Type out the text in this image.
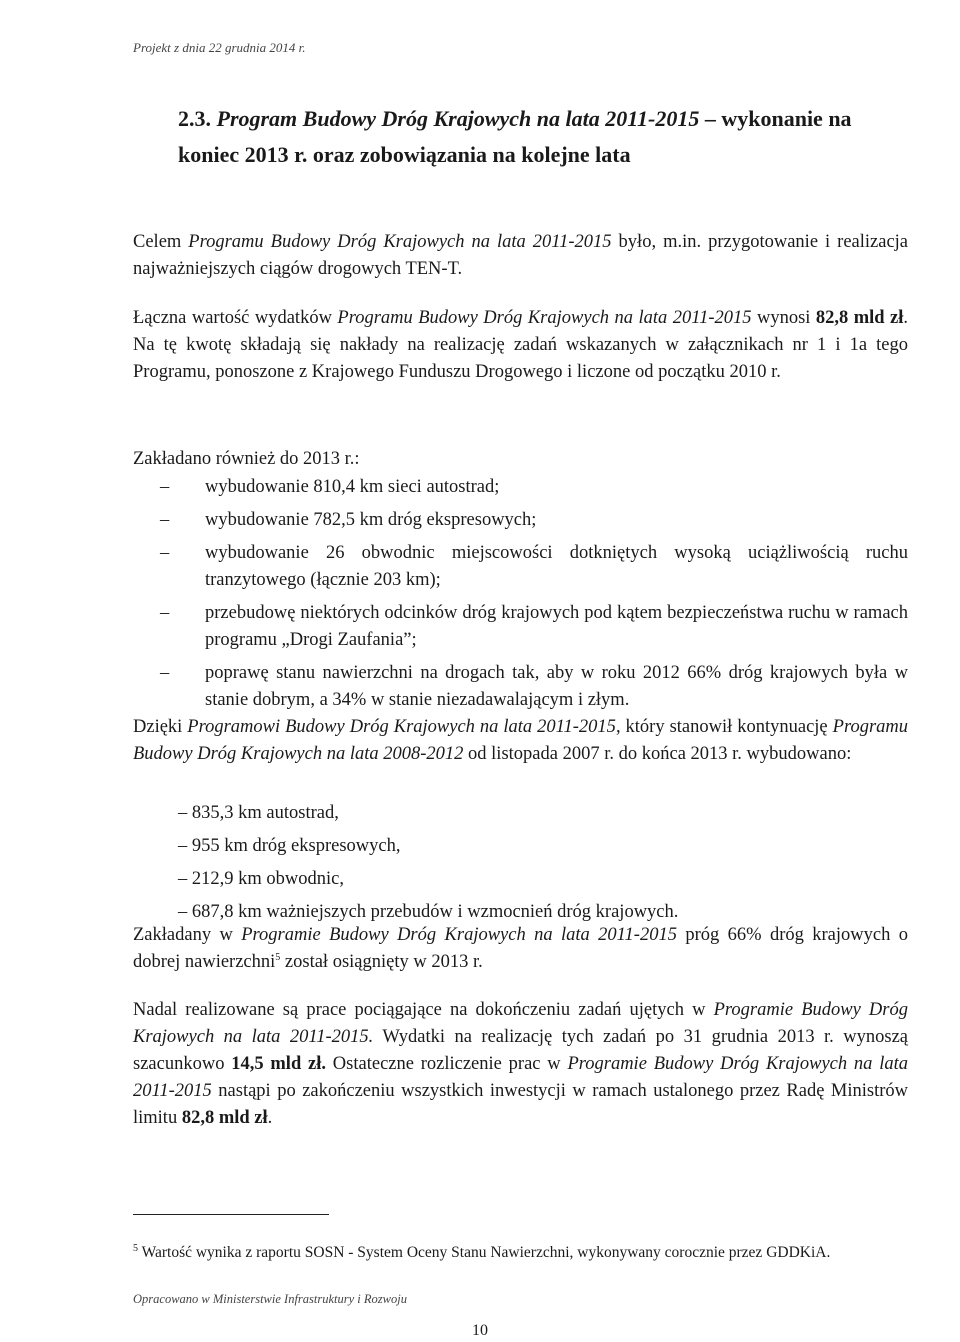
Projekt z dnia 22 grudnia 2014 r.
2.3. Program Budowy Dróg Krajowych na lata 2011-2015 – wykonanie na koniec 2013 r. oraz zobowiązania na kolejne lata
Celem Programu Budowy Dróg Krajowych na lata 2011-2015 było, m.in. przygotowanie i realizacja najważniejszych ciągów drogowych TEN-T.
Łączna wartość wydatków Programu Budowy Dróg Krajowych na lata 2011-2015 wynosi 82,8 mld zł. Na tę kwotę składają się nakłady na realizację zadań wskazanych w załącznikach nr 1 i 1a tego Programu, ponoszone z Krajowego Funduszu Drogowego i liczone od początku 2010 r.
Zakładano również do 2013 r.:
– wybudowanie 810,4 km sieci autostrad;
– wybudowanie 782,5 km dróg ekspresowych;
– wybudowanie 26 obwodnic miejscowości dotkniętych wysoką uciążliwością ruchu tranzytowego (łącznie 203 km);
– przebudowę niektórych odcinków dróg krajowych pod kątem bezpieczeństwa ruchu w ramach programu „Drogi Zaufania”;
– poprawę stanu nawierzchni na drogach tak, aby w roku 2012 66% dróg krajowych była w stanie dobrym, a 34% w stanie niezadawalającym i złym.
Dzięki Programowi Budowy Dróg Krajowych na lata 2011-2015, który stanowił kontynuację Programu Budowy Dróg Krajowych na lata 2008-2012 od listopada 2007 r. do końca 2013 r. wybudowano:
– 835,3 km autostrad,
– 955 km dróg ekspresowych,
– 212,9 km obwodnic,
– 687,8 km ważniejszych przebudów i wzmocnień dróg krajowych.
Zakładany w Programie Budowy Dróg Krajowych na lata 2011-2015 próg 66% dróg krajowych o dobrej nawierzchni$^5$ został osiągnięty w 2013 r.
Nadal realizowane są prace pociągające na dokończeniu zadań ujętych w Programie Budowy Dróg Krajowych na lata 2011-2015. Wydatki na realizację tych zadań po 31 grudnia 2013 r. wynoszą szacunkowo 14,5 mld zł. Ostateczne rozliczenie prac w Programie Budowy Dróg Krajowych na lata 2011-2015 nastąpi po zakończeniu wszystkich inwestycji w ramach ustalonego przez Radę Ministrów limitu 82,8 mld zł.
$^5$ Wartość wynika z raportu SOSN - System Oceny Stanu Nawierzchni, wykonywany corocznie przez GDDKiA.
Opracowano w Ministerstwie Infrastruktury i Rozwoju
10
